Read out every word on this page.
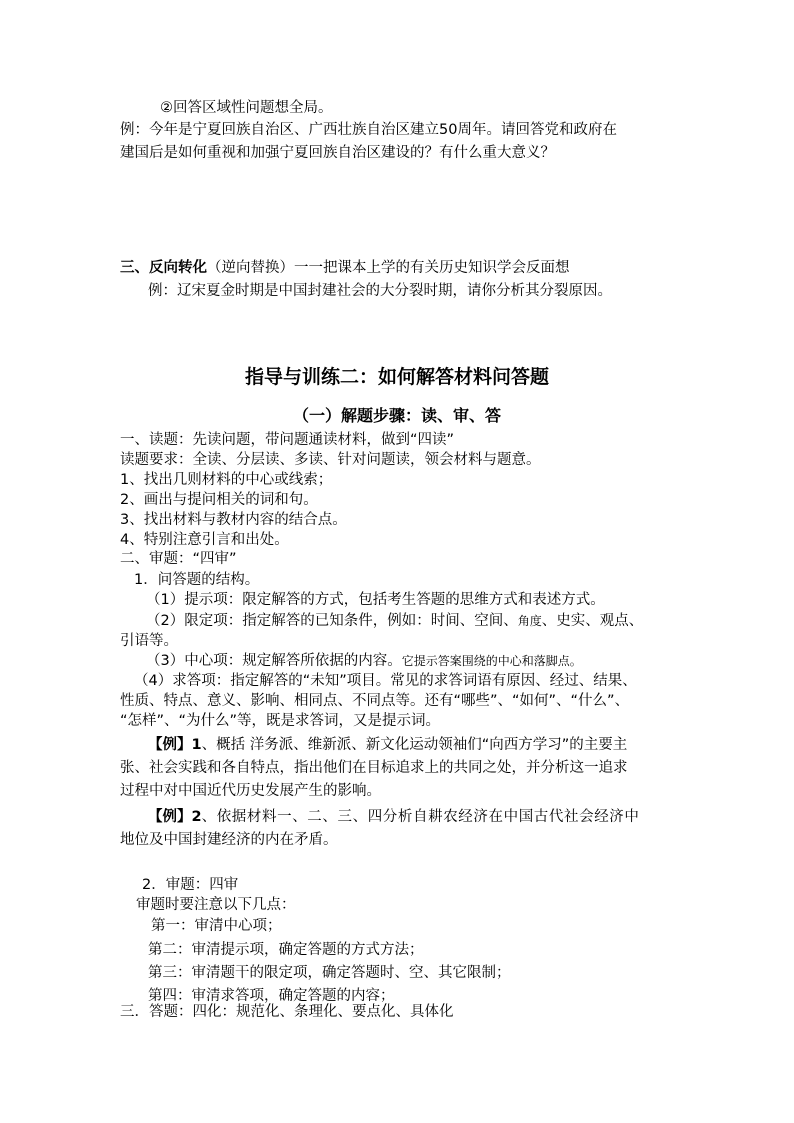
②回答区域性问题想全局。
例：今年是宁夏回族自治区、广西壮族自治区建立50周年。请回答党和政府在
建国后是如何重视和加强宁夏回族自治区建设的？有什么重大意义？
三、反向转化（逆向替换）一一把课本上学的有关历史知识学会反面想
例：辽宋夏金时期是中国封建社会的大分裂时期，请你分析其分裂原因。
指导与训练二：如何解答材料问答题
（一）解题步骤：读、审、答
一、读题：先读问题，带问题通读材料，做到“四读”
读题要求：全读、分层读、多读、针对问题读，领会材料与题意。
1、找出几则材料的中心或线索；
2、画出与提问相关的词和句。
3、找出材料与教材内容的结合点。
4、特别注意引言和出处。
二、审题：“四审”
1．问答题的结构。
（1）提示项：限定解答的方式，包括考生答题的思维方式和表述方式。
（2）限定项：指定解答的已知条件，例如：时间、空间、角度、史实、观点、
引语等。
（3）中心项：规定解答所依据的内容。它提示答案围绕的中心和落脚点。
（4）求答项：指定解答的“未知”项目。常见的求答词语有原因、经过、结果、
性质、特点、意义、影响、相同点、不同点等。还有“哪些”、“如何”、“什么”、
“怎样”、“为什么”等，既是求答词，又是提示词。
【例】1、概括 洋务派、维新派、新文化运动领袖们“向西方学习”的主要主
张、社会实践和各自特点，指出他们在目标追求上的共同之处，并分析这一追求
过程中对中国近代历史发展产生的影响。
【例】2、依据材料一、二、三、四分析自耕农经济在中国古代社会经济中
地位及中国封建经济的内在矛盾。
2．审题：四审
审题时要注意以下几点：
第一：审清中心项；
第二：审清提示项，确定答题的方式方法；
第三：审清题干的限定项，确定答题时、空、其它限制；
第四：审清求答项，确定答题的内容；
三．答题：四化：规范化、条理化、要点化、具体化
